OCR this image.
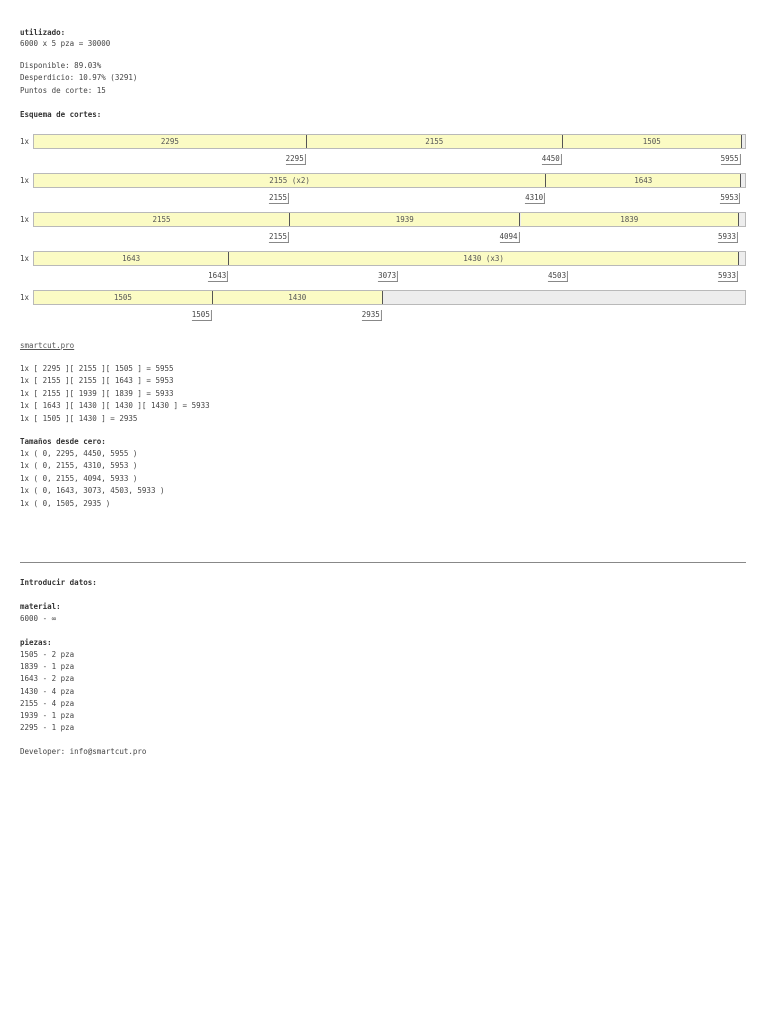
utilizado:
6000 x 5 pza = 30000
Disponible: 89.03%
Desperdicio: 10.97% (3291)
Puntos de corte: 15
Esquema de cortes:
1x	2295	2155	1505
2295	4450	5955
1x	2155 (x2)	1643
2155	4310	5953
1x	2155	1939	1839
2155	4094	5933
1x	1643	1430 (x3)
1643	3073	4503	5933
1x	1505	1430
1505	2935
smartcut.pro
1x [ 2295 ][ 2155 ][ 1505 ] = 5955
1x [ 2155 ][ 2155 ][ 1643 ] = 5953
1x [ 2155 ][ 1939 ][ 1839 ] = 5933
1x [ 1643 ][ 1430 ][ 1430 ][ 1430 ] = 5933
1x [ 1505 ][ 1430 ] = 2935
Tamaños desde cero:
1x ( 0, 2295, 4450, 5955 )
1x ( 0, 2155, 4310, 5953 )
1x ( 0, 2155, 4094, 5933 )
1x ( 0, 1643, 3073, 4503, 5933 )
1x ( 0, 1505, 2935 )
Introducir datos:
material:
6000 - ∞
piezas:
1505 - 2 pza
1839 - 1 pza
1643 - 2 pza
1430 - 4 pza
2155 - 4 pza
1939 - 1 pza
2295 - 1 pza
Developer: info@smartcut.pro
